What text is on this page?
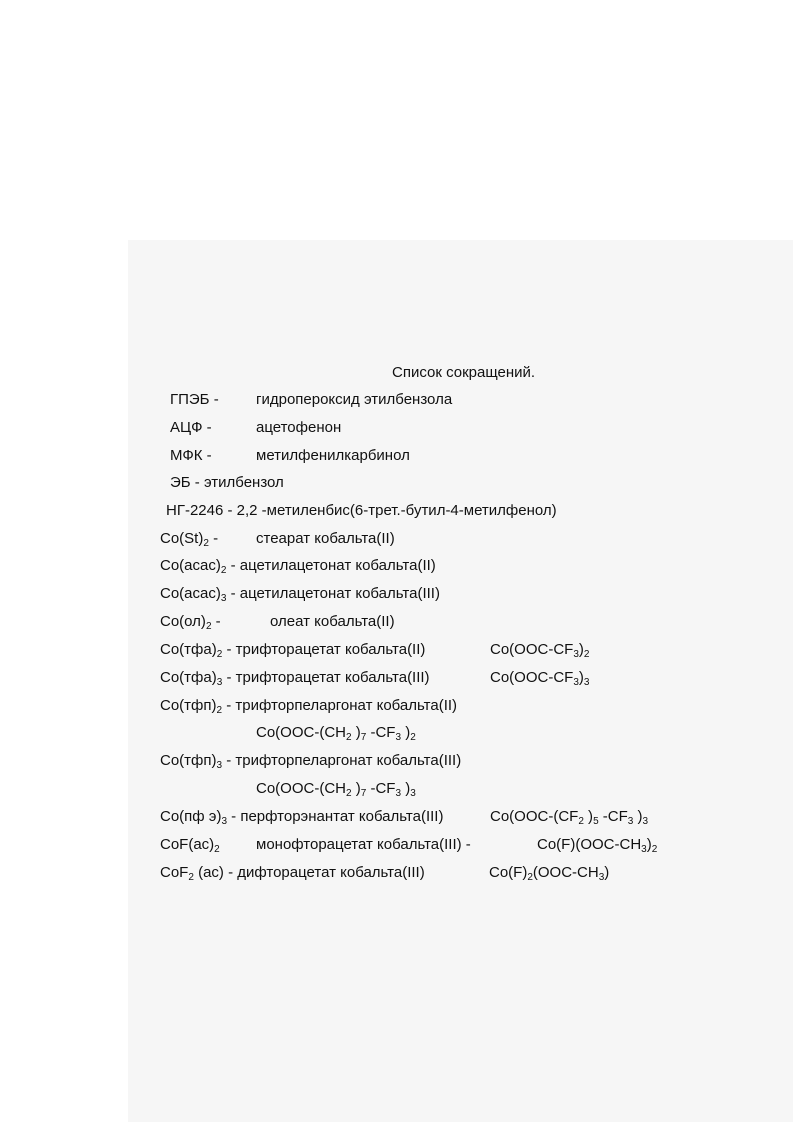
Список сокращений.
ГПЭБ - гидропероксид этилбензола
АЦФ -	ацетофенон
МФК -	метилфенилкарбинол
ЭБ - этилбензол
НГ-2246 - 2,2 -метиленбис(6-трет.-бутил-4-метилфенол)
$Co(St)_2$ -	стеарат кобальта(II)
$Co(acac)_2$ - ацетилацетонат кобальта(II)
$Co(acac)_3$ - ацетилацетонат кобальта(III)
$Co(ол)_2$ -	олеат кобальта(II)
$Co(тфа)_2$ - трифторацетат кобальта(II)	$Co(OOC-CF_3)_2$
$Co(тфа)_3$ - трифторацетат кобальта(III)	$Co(OOC-CF_3)_3$
$Co(тфп)_2$ - трифторпеларгонат кобальта(II)
$Co(OOC-(CH_2$ )$_7$ $-CF_3$ )$_2$
$Co(тфп)_3$ - трифторпеларгонат кобальта(III)
$Co(OOC-(CH_2$ )$_7$ $-CF_3$ )$_3$
Co(пф $э)_3$ - перфторэнантат кобальта(III)	$Co(OOC-(CF_2$ )$_5$ $-CF_3$ )$_3$
$CoF(ac)_2$ монофторацетат кобальта(III) -	$Co(F)(OOC-CH_3)_2$
CoF$_2$ (ac) - дифторацетат кобальта(III)	$Co(F)_2(OOC-CH_3)$
